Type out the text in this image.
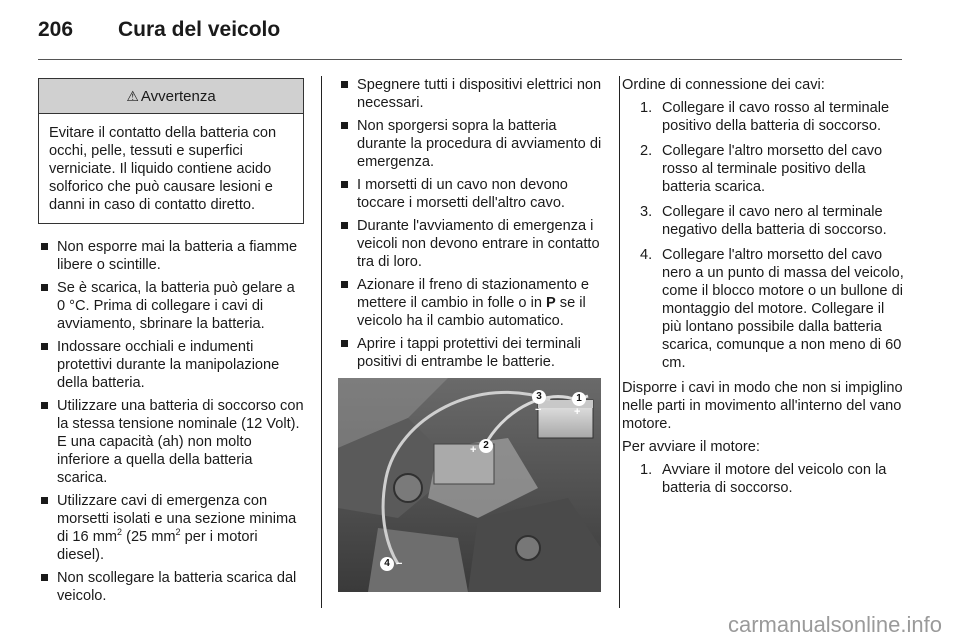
206	Cura del veicolo
⚠ Avvertenza
Evitare il contatto della batteria con occhi, pelle, tessuti e superfici verniciate. Il liquido contiene acido solforico che può causare lesioni e danni in caso di contatto diretto.
Non esporre mai la batteria a fiamme libere o scintille.
Se è scarica, la batteria può gelare a 0 °C. Prima di collegare i cavi di avviamento, sbrinare la batteria.
Indossare occhiali e indumenti protettivi durante la manipolazione della batteria.
Utilizzare una batteria di soccorso con la stessa tensione nominale (12 Volt). E una capacità (ah) non molto inferiore a quella della batteria scarica.
Utilizzare cavi di emergenza con morsetti isolati e una sezione minima di 16 $mm^2$ (25 $mm^2$ per i motori diesel).
Non scollegare la batteria scarica dal veicolo.
Spegnere tutti i dispositivi elettrici non necessari.
Non sporgersi sopra la batteria durante la procedura di avviamento di emergenza.
I morsetti di un cavo non devono toccare i morsetti dell'altro cavo.
Durante l'avviamento di emergenza i veicoli non devono entrare in contatto tra di loro.
Azionare il freno di stazionamento e mettere il cambio in folle o in P se il veicolo ha il cambio automatico.
Aprire i tappi protettivi dei terminali positivi di entrambe le batterie.
1
+
3
−
+ 2
4 −

Ordine di connessione dei cavi:

1. Collegare il cavo rosso al terminale positivo della batteria di soccorso.
2. Collegare l'altro morsetto del cavo rosso al terminale positivo della batteria scarica.
3. Collegare il cavo nero al terminale negativo della batteria di soccorso.
4. Collegare l'altro morsetto del cavo nero a un punto di massa del veicolo, come il blocco motore o un bullone di montaggio del motore. Collegare il più lontano possibile dalla batteria scarica, comunque a non meno di 60 cm.

Disporre i cavi in modo che non si impiglino nelle parti in movimento all'interno del vano motore.

Per avviare il motore:

1. Avviare il motore del veicolo con la batteria di soccorso.
carmanualsonline.info
